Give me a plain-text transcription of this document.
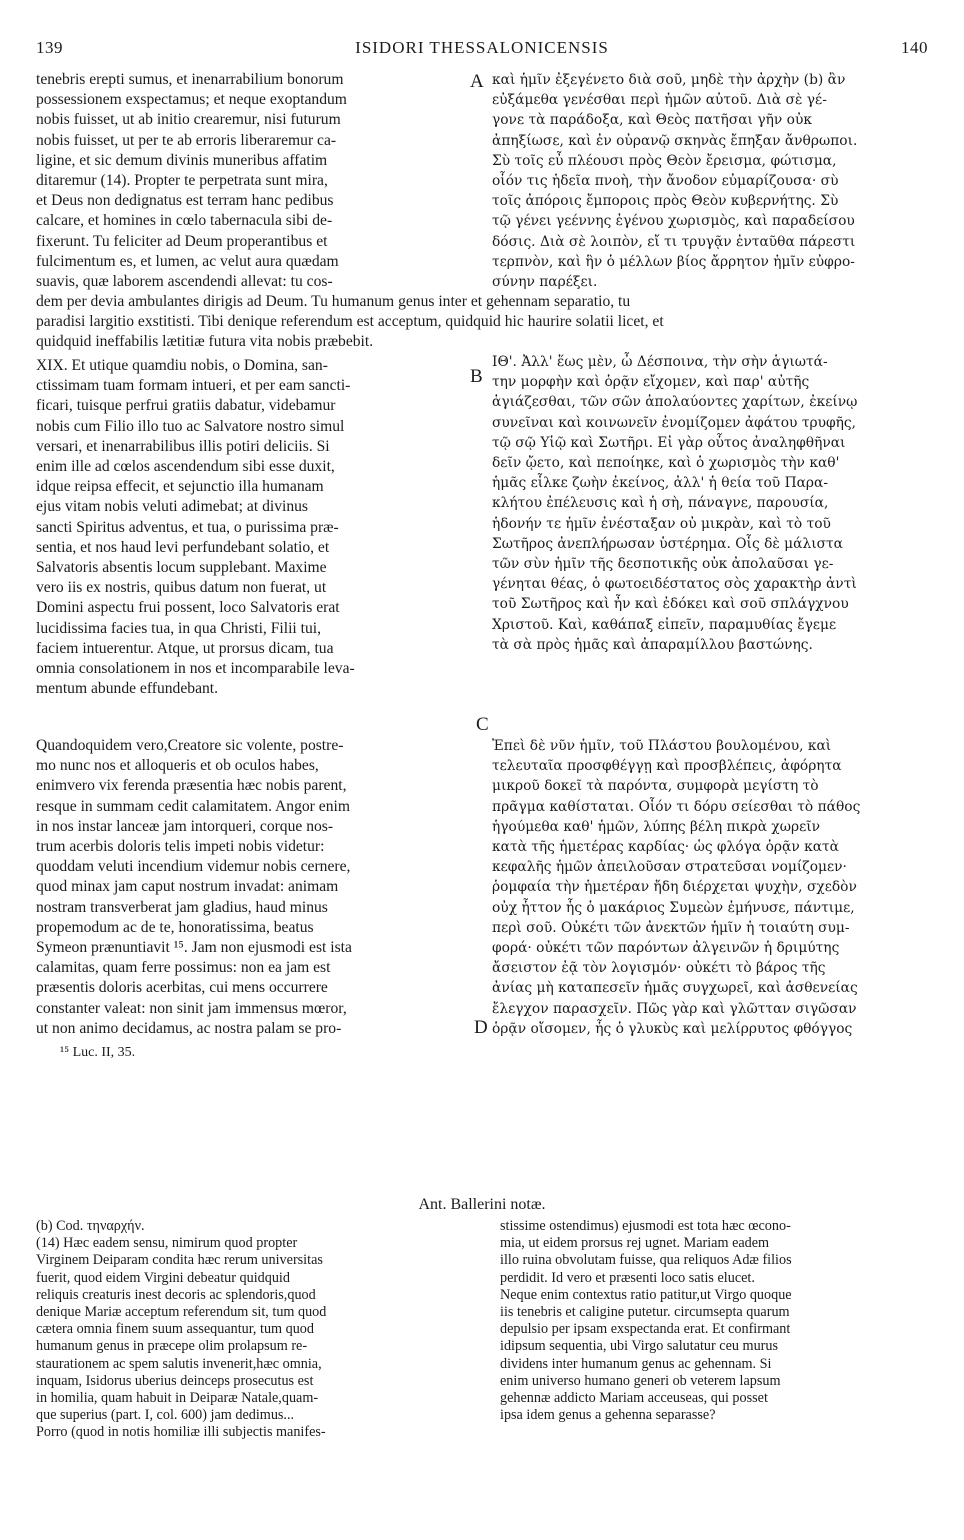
139	ISIDORI THESSALONICENSIS	140
tenebris erepti sumus, et inenarrabilium bonorum
possessionem exspectamus; et neque exoptandum
nobis fuisset, ut ab initio crearemur, nisi futurum
nobis fuisset, ut per te ab erroris liberaremur ca-
ligine, et sic demum divinis muneribus affatim
ditaremur (14). Propter te perpetrata sunt mira,
et Deus non dedignatus est terram hanc pedibus
calcare, et homines in cœlo tabernacula sibi de-
fixerunt. Tu feliciter ad Deum properantibus et
fulcimentum es, et lumen, ac velut aura quædam
suavis, quæ laborem ascendendi allevat: tu cos-
A καὶ ἡμῖν ἐξεγένετο διὰ σοῦ, μηδὲ τὴν ἀρχὴν (b) ἂν
εὐξάμεθα γενέσθαι περὶ ἡμῶν αὐτοῦ. Διὰ σὲ γέ-
γονε τὰ παράδοξα, καὶ Θεὸς πατῆσαι γῆν οὐκ
ἀπηξίωσε, καὶ ἐν οὐρανῷ σκηνὰς ἔπηξαν ἄνθρωποι.
Σὺ τοῖς εὖ πλέουσι πρὸς Θεὸν ἔρεισμα, φώτισμα,
οἷόν τις ἡδεῖα πνοὴ, τὴν ἄνοδον εὐμαρίζουσα· σὺ
τοῖς ἀπόροις ἔμποροις πρὸς Θεὸν κυβερνήτης. Σὺ
τῷ γένει γεέννης ἐγένου χωρισμὸς, καὶ παραδείσου
δόσις. Διὰ σὲ λοιπὸν, εἴ τι τρυγᾷν ἐνταῦθα πάρεστι
τερπνὸν, καὶ ἣν ὁ μέλλων βίος ἄρρητον ἡμῖν εὐφρο-
σύνην παρέξει.
dem per devia ambulantes dirigis ad Deum. Tu humanum genus inter et gehennam separatio, tu
paradisi largitio exstitisti. Tibi denique referendum est acceptum, quidquid hic haurire solatii licet, et
quidquid ineffabilis lætitiæ futura vita nobis præbebit.
XIX. Et utique quamdiu nobis, o Domina, san-
ctissimam tuam formam intueri, et per eam sancti-
ficari, tuisque perfrui gratiis dabatur, videbamur
nobis cum Filio illo tuo ac Salvatore nostro simul
versari, et inenarrabilibus illis potiri deliciis. Si
enim ille ad cœlos ascendendum sibi esse duxit,
idque reipsa effecit, et sejunctio illa humanam
ejus vitam nobis veluti adimebat; at divinus
sancti Spiritus adventus, et tua, o purissima præ-
sentia, et nos haud levi perfundebant solatio, et
Salvatoris absentis locum supplebant. Maxime
vero iis ex nostris, quibus datum non fuerat, ut
Domini aspectu frui possent, loco Salvatoris erat
lucidissima facies tua, in qua Christi, Filii tui,
faciem intuerentur. Atque, ut prorsus dicam, tua
omnia consolationem in nos et incomparabile leva-
mentum abunde effundebant.
B
ΙΘ'. Ἀλλ' ἕως μὲν, ὦ Δέσποινα, τὴν σὴν ἁγιωτά-
την μορφὴν καὶ ὁρᾷν εἴχομεν, καὶ παρ' αὐτῆς
ἁγιάζεσθαι, τῶν σῶν ἀπολαύοντες χαρίτων, ἐκείνῳ
συνεῖναι καὶ κοινωνεῖν ἐνομίζομεν ἀφάτου τρυφῆς,
τῷ σῷ Υἱῷ καὶ Σωτῆρι. Εἰ γὰρ οὗτος ἀναληφθῆναι
δεῖν ᾤετο, καὶ πεποίηκε, καὶ ὁ χωρισμὸς τὴν καθ'
ἡμᾶς εἷλκε ζωὴν ἐκείνος, ἀλλ' ἡ θεία τοῦ Παρα-
κλήτου ἐπέλευσις καὶ ἡ σὴ, πάναγνε, παρουσία,
ἡδονήν τε ἡμῖν ἐνέσταξαν οὐ μικρὰν, καὶ τὸ τοῦ
Σωτῆρος ἀνεπλήρωσαν ὑστέρημα. Οἷς δὲ μάλιστα
τῶν σὺν ἡμῖν τῆς δεσποτικῆς οὐκ ἀπολαῦσαι γε-
γένηται θέας, ὁ φωτοειδέστατος σὸς χαρακτὴρ ἀντὶ
τοῦ Σωτῆρος καὶ ἦν καὶ ἐδόκει καὶ σοῦ σπλάγχνου
Χριστοῦ. Καὶ, καθάπαξ εἰπεῖν, παραμυθίας ἔγεμε
τὰ σὰ πρὸς ἡμᾶς καὶ ἀπαραμίλλου βαστώνης.
C
Quandoquidem vero,Creatore sic volente, postre-
mo nunc nos et alloqueris et ob oculos habes,
enimvero vix ferenda præsentia hæc nobis parent,
resque in summam cedit calamitatem. Angor enim
in nos instar lanceæ jam intorqueri, corque nos-
trum acerbis doloris telis impeti nobis videtur:
quoddam veluti incendium videmur nobis cernere,
quod minax jam caput nostrum invadat: animam
nostram transverberat jam gladius, haud minus
propemodum ac de te, honoratissima, beatus
Symeon prænuntiavit ¹⁵. Jam non ejusmodi est ista
calamitas, quam ferre possimus: non ea jam est
præsentis doloris acerbitas, cui mens occurrere
constanter valeat: non sinit jam immensus mœror,
ut non animo decidamus, ac nostra palam se pro-
Ἐπεὶ δὲ νῦν ἡμῖν, τοῦ Πλάστου βουλομένου, καὶ
τελευταῖα προσφθέγγῃ καὶ προσβλέπεις, ἀφόρητα
μικροῦ δοκεῖ τὰ παρόντα, συμφορὰ μεγίστη τὸ
πρᾶγμα καθίσταται. Οἷόν τι δόρυ σείεσθαι τὸ πάθος
ἡγούμεθα καθ' ἡμῶν, λύπης βέλη πικρὰ χωρεῖν
κατὰ τῆς ἡμετέρας καρδίας· ὡς φλόγα ὁρᾷν κατὰ
κεφαλῆς ἡμῶν ἀπειλοῦσαν στρατεῦσαι νομίζομεν·
ῥομφαία τὴν ἡμετέραν ἤδη διέρχεται ψυχὴν, σχεδὸν
οὐχ ἧττον ἧς ὁ μακάριος Συμεὼν ἐμήνυσε, πάντιμε,
περὶ σοῦ. Οὐκέτι τῶν ἀνεκτῶν ἡμῖν ἡ τοιαύτη συμ-
φορά· οὐκέτι τῶν παρόντων ἀλγεινῶν ἡ δριμύτης
ἄσειστον ἐᾷ τὸν λογισμόν· οὐκέτι τὸ βάρος τῆς
ἀνίας μὴ καταπεσεῖν ἡμᾶς συγχωρεῖ, καὶ ἀσθενείας
ἔλεγχον παρασχεῖν. Πῶς γὰρ καὶ γλῶτταν σιγῶσαν
ὁρᾷν οἴσομεν, ἧς ὁ γλυκὺς καὶ μελίρρυτος φθόγγος
D
¹⁵ Luc. II, 35.
Ant. Ballerini notæ.
(b) Cod. τηναρχήν.
(14) Hæc eadem sensu, nimirum quod propter
Virginem Deiparam condita hæc rerum universitas
fuerit, quod eidem Virgini debeatur quidquid
reliquis creaturis inest decoris ac splendoris,quod
denique Mariæ acceptum referendum sit, tum quod
cætera omnia finem suum assequantur, tum quod
humanum genus in præcepe olim prolapsum re-
staurationem ac spem salutis invenerit,hæc omnia,
inquam, Isidorus uberius deinceps prosecutus est
in homilia, quam habuit in Deiparæ Natale,quam-
que superius (part. I, col. 600) jam dedimus...
Porro (quod in notis homiliæ illi subjectis manifes-
stissime ostendimus) ejusmodi est tota hæc œcono-
mia, ut eidem prorsus rej ugnet. Mariam eadem
illo ruina obvolutam fuisse, qua reliquos Adæ filios
perdidit. Id vero et præsenti loco satis elucet.
Neque enim contextus ratio patitur,ut Virgo quoque
iis tenebris et caligine putetur. circumsepta quarum
depulsio per ipsam exspectanda erat. Et confirmant
idipsum sequentia, ubi Virgo salutatur ceu murus
dividens inter humanum genus ac gehennam. Si
enim universo humano generi ob veterem lapsum
gehennæ addicto Mariam acceuseas, qui posset
ipsa idem genus a gehenna separasse?
